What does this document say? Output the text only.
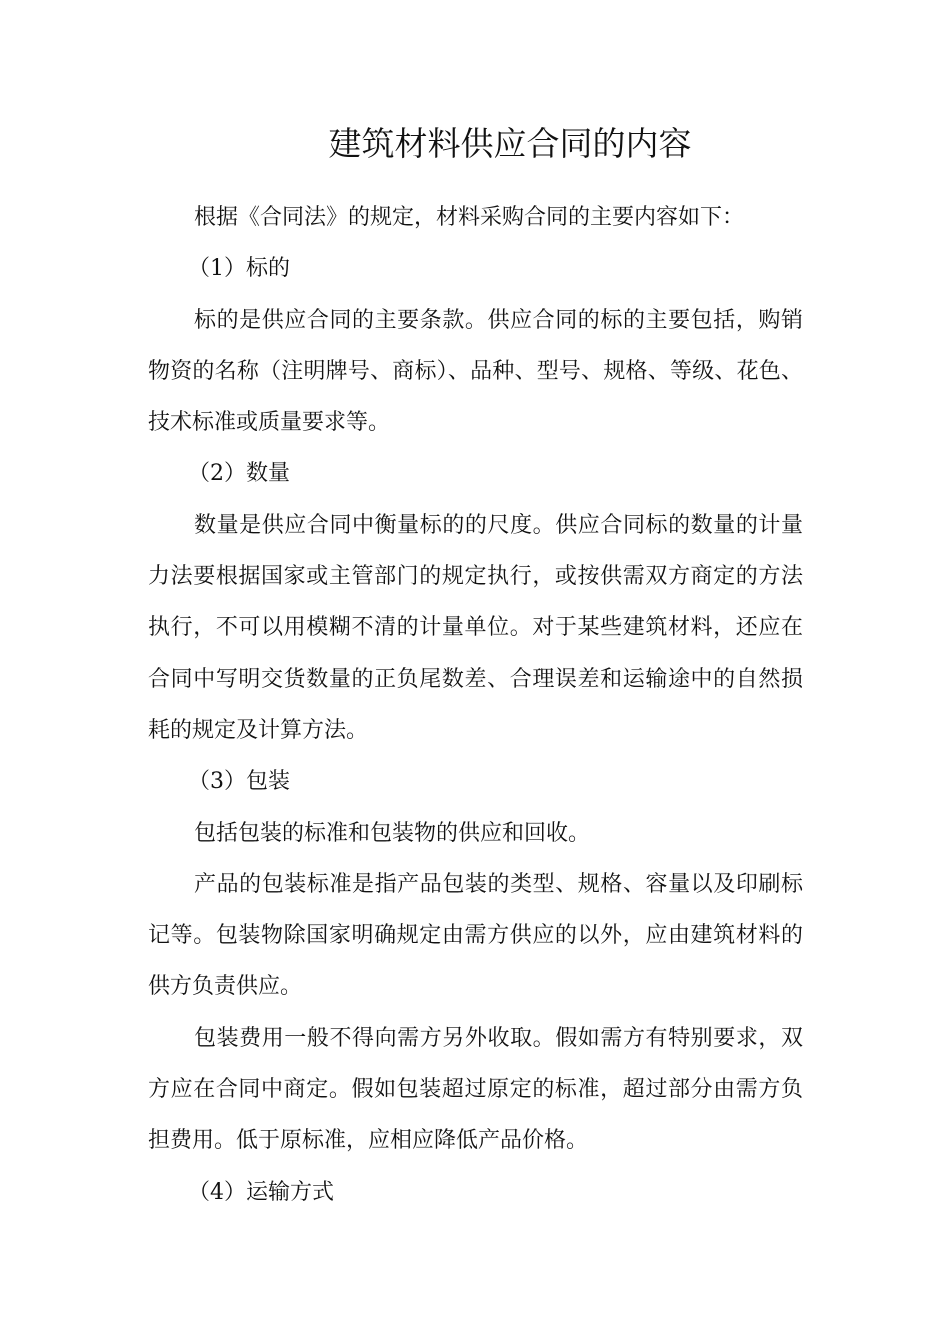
建筑材料供应合同的内容

根据《合同法》的规定，材料采购合同的主要内容如下：

（1）标的

标的是供应合同的主要条款。供应合同的标的主要包括，购销物资的名称（注明牌号、商标）、品种、型号、规格、等级、花色、技术标准或质量要求等。

（2）数量

数量是供应合同中衡量标的的尺度。供应合同标的数量的计量力法要根据国家或主管部门的规定执行，或按供需双方商定的方法执行，不可以用模糊不清的计量单位。对于某些建筑材料，还应在合同中写明交货数量的正负尾数差、合理误差和运输途中的自然损耗的规定及计算方法。

（3）包装

包括包装的标准和包装物的供应和回收。

产品的包装标准是指产品包装的类型、规格、容量以及印刷标记等。包装物除国家明确规定由需方供应的以外，应由建筑材料的供方负责供应。

包装费用一般不得向需方另外收取。假如需方有特别要求，双方应在合同中商定。假如包装超过原定的标准，超过部分由需方负担费用。低于原标准，应相应降低产品价格。

（4）运输方式
